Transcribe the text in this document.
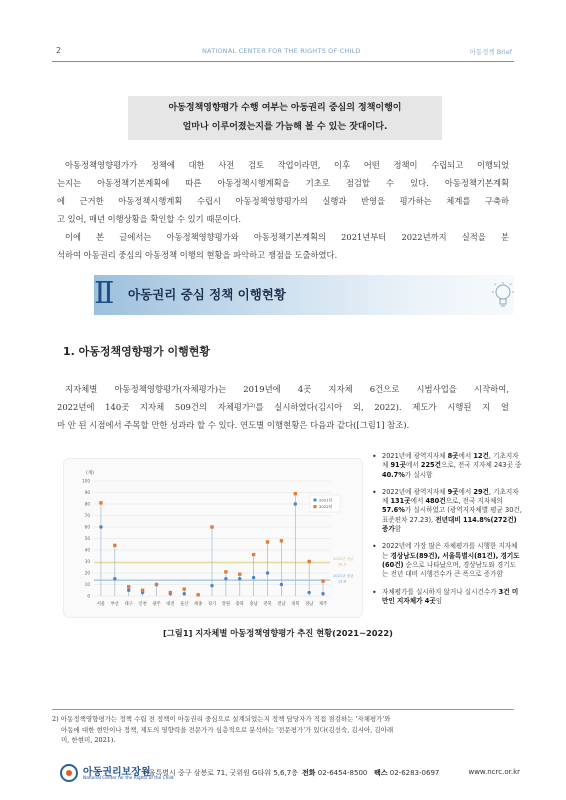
2	NATIONAL CENTER FOR THE RIGHTS OF CHILD	아동정책 Brief
아동정책영향평가 수행 여부는 아동권리 중심의 정책이행이
얼마나 이루어졌는지를 가늠해 볼 수 있는 잣대이다.
아동정책영향평가가 정책에 대한 사전 검토 작업이라면, 이후 어떤 정책이 수립되고 이행되었
는지는 아동정책기본계획에 따른 아동정책시행계획을 기초로 점검할 수 있다. 아동정책기본계획
에 근거한 아동정책시행계획 수립시 아동정책영향평가의 실행과 반영을 평가하는 체계를 구축하
고 있어, 매년 이행상황을 확인할 수 있기 때문이다.
이에 본 글에서는 아동정책영향평가와 아동정책기본계획의 2021년부터 2022년까지 실적을 분
석하여 아동권리 중심의 아동정책 이행의 현황을 파악하고 쟁점을 도출하였다.
Ⅱ 아동권리 중심 정책 이행현황
1. 아동정책영향평가 이행현황
지자체별 아동정책영향평가(자체평가)는 2019년에 4곳 지자체 6건으로 시범사업을 시작하여,
2022년에 140곳 지자체 509건의 자체평가²⁾를 실시하였다(김시아 외, 2022). 제도가 시행된 지 얼
마 안 된 시점에서 주목할 만한 성과라 할 수 있다. 연도별 이행현황은 다음과 같다([그림1] 참조).
(개)
0
10
20
30
40
50
60
70
80
90
100
2021년 평균
13.8
2022년 평균
28.9
서울 부산 대구 인천 광주 대전 울산 세종 경기 강원 충북 충남 전북 전남 경북 경남 제주
2021년
2022년
• 2021년에 광역지자체 8곳에서 12건, 기초지자체 91곳에서 225건으로, 전국 지자체 243곳 중 40.7%가 실시함
• 2022년에 광역지자체 9곳에서 29건, 기초지자체 131곳에서 480건으로, 전국 지자체의 57.6%가 실시하였고 (광역지자체별 평균 30건, 표준편차 27.23), 전년대비 114.8%(272건) 증가함
• 2022년에 가장 많은 자체평가를 시행한 지자체는 경상남도(89건), 서울특별시(81건), 경기도(60건) 순으로 나타났으며, 경상남도와 경기도는 전년 대비 시행건수가 큰 폭으로 증가함
• 자체평가를 실시하지 않거나 실시건수가 3건 미만인 지자체가 4곳임
[그림1] 지자체별 아동정책영향평가 추진 현황(2021~2022)
2) 아동정책영향평가는 정책 수립 전 정책이 아동권리 중심으로 설계되었는지 정책 담당자가 직접 점검하는 '자체평가'와
아동에 대한 현안이나 정책, 제도의 영향력을 전문가가 심층적으로 분석하는 '전문평가'가 있다(김선숙, 김시아, 김아래
미, 한현미, 2021).
아동권리보장원
National Center for the Rights of the Child
서울특별시 중구 삼봉로 71, 굿위원 G타워 5,6,7층 전화 02-6454-8500 팩스 02-6283-0697	www.ncrc.or.kr
